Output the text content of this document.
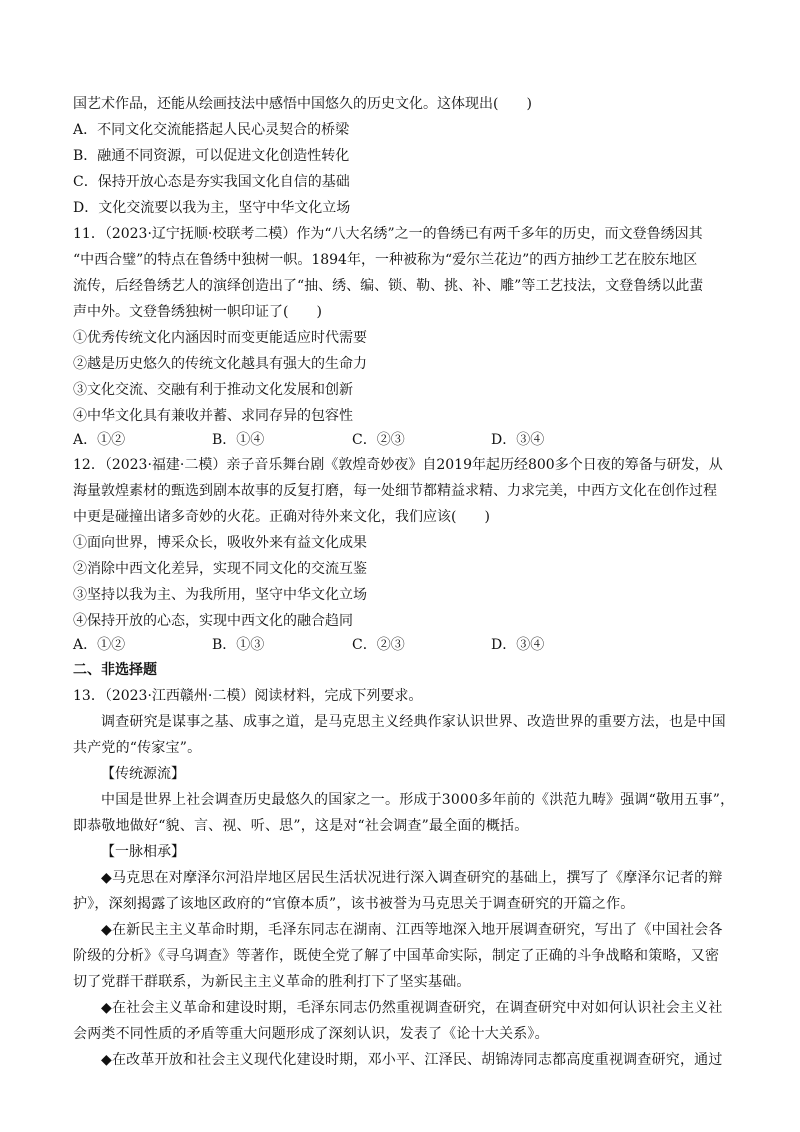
国艺术作品，还能从绘画技法中感悟中国悠久的历史文化。这体现出(　　)
A．不同文化交流能搭起人民心灵契合的桥梁
B．融通不同资源，可以促进文化创造性转化
C．保持开放心态是夯实我国文化自信的基础
D．文化交流要以我为主，坚守中华文化立场
11．（2023·辽宁抚顺·校联考二模）作为“八大名绣”之一的鲁绣已有两千多年的历史，而文登鲁绣因其
“中西合璧”的特点在鲁绣中独树一帜。1894年，一种被称为“爱尔兰花边”的西方抽纱工艺在胶东地区
流传，后经鲁绣艺人的演绎创造出了“抽、绣、编、锁、勒、挑、补、雕”等工艺技法，文登鲁绣以此蜚
声中外。文登鲁绣独树一帜印证了(　　)
①优秀传统文化内涵因时而变更能适应时代需要
②越是历史悠久的传统文化越具有强大的生命力
③文化交流、交融有利于推动文化发展和创新
④中华文化具有兼收并蓄、求同存异的包容性
A．①②	B．①④	C．②③	D．③④
12．（2023·福建·二模）亲子音乐舞台剧《敦煌奇妙夜》自2019年起历经800多个日夜的筹备与研发，从
海量敦煌素材的甄选到剧本故事的反复打磨，每一处细节都精益求精、力求完美，中西方文化在创作过程
中更是碰撞出诸多奇妙的火花。正确对待外来文化，我们应该(　　)
①面向世界，博采众长，吸收外来有益文化成果
②消除中西文化差异，实现不同文化的交流互鉴
③坚持以我为主、为我所用，坚守中华文化立场
④保持开放的心态，实现中西文化的融合趋同
A．①②	B．①③	C．②③	D．③④
二、非选择题
13．（2023·江西赣州·二模）阅读材料，完成下列要求。
调查研究是谋事之基、成事之道，是马克思主义经典作家认识世界、改造世界的重要方法，也是中国
共产党的“传家宝”。
【传统源流】
中国是世界上社会调查历史最悠久的国家之一。形成于3000多年前的《洪范九畴》强调“敬用五事”，
即恭敬地做好“貌、言、视、听、思”，这是对“社会调查”最全面的概括。
【一脉相承】
◆马克思在对摩泽尔河沿岸地区居民生活状况进行深入调查研究的基础上，撰写了《摩泽尔记者的辩
护》，深刻揭露了该地区政府的“官僚本质”，该书被誉为马克思关于调查研究的开篇之作。
◆在新民主主义革命时期，毛泽东同志在湖南、江西等地深入地开展调查研究，写出了《中国社会各
阶级的分析》《寻乌调查》等著作，既使全党了解了中国革命实际，制定了正确的斗争战略和策略，又密
切了党群干群联系，为新民主主义革命的胜利打下了坚实基础。
◆在社会主义革命和建设时期，毛泽东同志仍然重视调查研究，在调查研究中对如何认识社会主义社
会两类不同性质的矛盾等重大问题形成了深刻认识，发表了《论十大关系》。
◆在改革开放和社会主义现代化建设时期，邓小平、江泽民、胡锦涛同志都高度重视调查研究，通过
